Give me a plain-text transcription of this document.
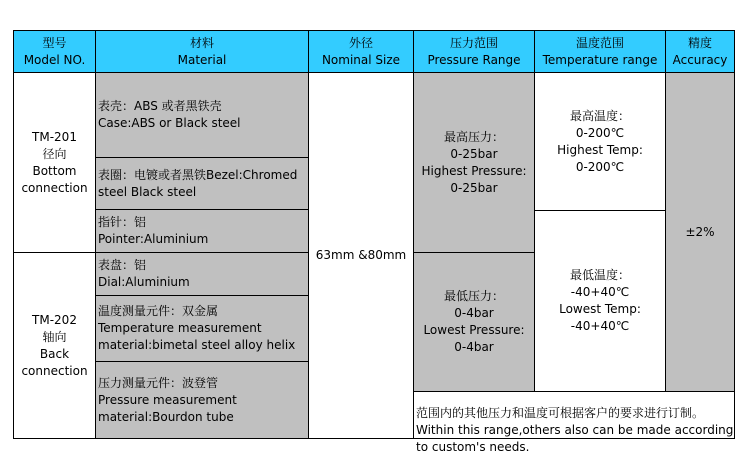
型号
Model NO.
材料
Material
外径
Nominal Size
压力范围
Pressure Range
温度范围
Temperature range
精度
Accuracy
TM-201
径向
Bottom
connection
TM-202
轴向
Back
connection
表壳：ABS 或者黑铁壳
Case:ABS or Black steel
表圈：电镀或者黑铁Bezel:Chromed
steel Black steel
指针：铝
Pointer:Aluminium
表盘：铝
Dial:Aluminium
温度测量元件：双金属
Temperature measurement
material:bimetal steel alloy helix
压力测量元件：波登管
Pressure measurement
material:Bourdon tube
63mm &80mm
最高压力：
0-25bar
Highest Pressure:
0-25bar
最低压力：
0-4bar
Lowest Pressure:
0-4bar
最高温度：
0-200℃
Highest Temp:
0-200℃
最低温度：
-40+40℃
Lowest Temp:
-40+40℃
±2%
范围内的其他压力和温度可根据客户的要求进行订制。
Within this range,others also can be made according
to custom's needs.
